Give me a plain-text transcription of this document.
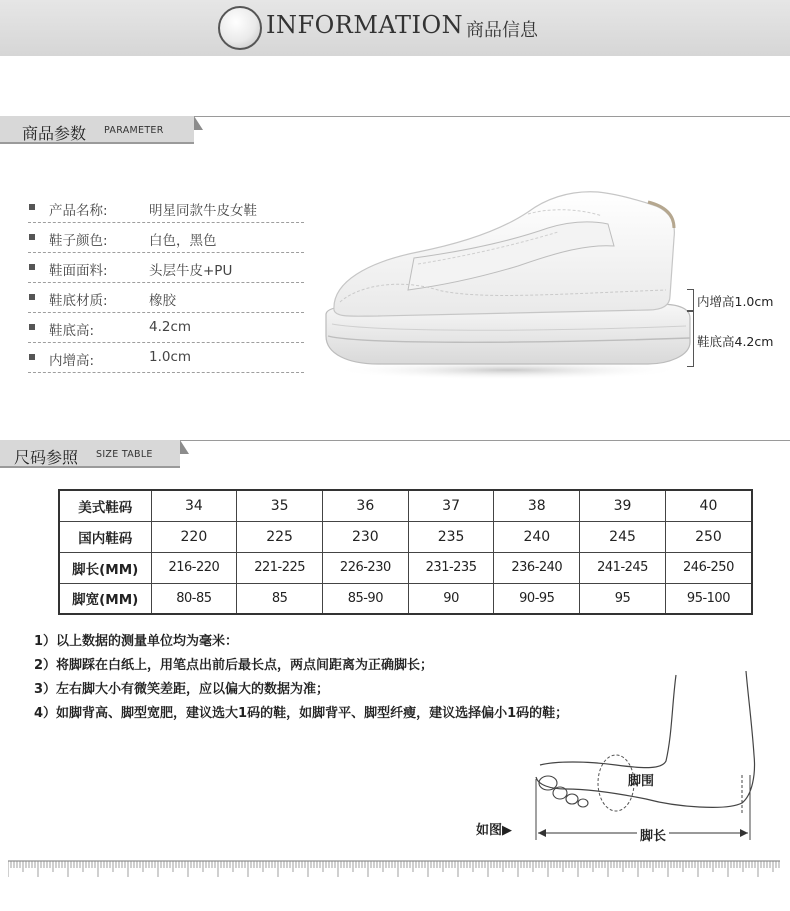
INFORMATION 商品信息
商品参数 PARAMETER
产品名称:	明星同款牛皮女鞋
鞋子颜色:	白色，黑色
鞋面面料:	头层牛皮+PU
鞋底材质:	橡胶
鞋底高:	4.2cm
内增高:	1.0cm
内增高1.0cm
鞋底高4.2cm
尺码参照 SIZE TABLE
美式鞋码	34	35	36	37	38	39	40
国内鞋码	220	225	230	235	240	245	250
脚长(MM)	216-220	221-225	226-230	231-235	236-240	241-245	246-250
脚宽(MM)	80-85	85	85-90	90	90-95	95	95-100
1）以上数据的测量单位均为毫米：
2）将脚踩在白纸上，用笔点出前后最长点，两点间距离为正确脚长；
3）左右脚大小有微笑差距，应以偏大的数据为准；
4）如脚背高、脚型宽肥，建议选大1码的鞋，如脚背平、脚型纤瘦，建议选择偏小1码的鞋；
脚围
脚长
如图▶
